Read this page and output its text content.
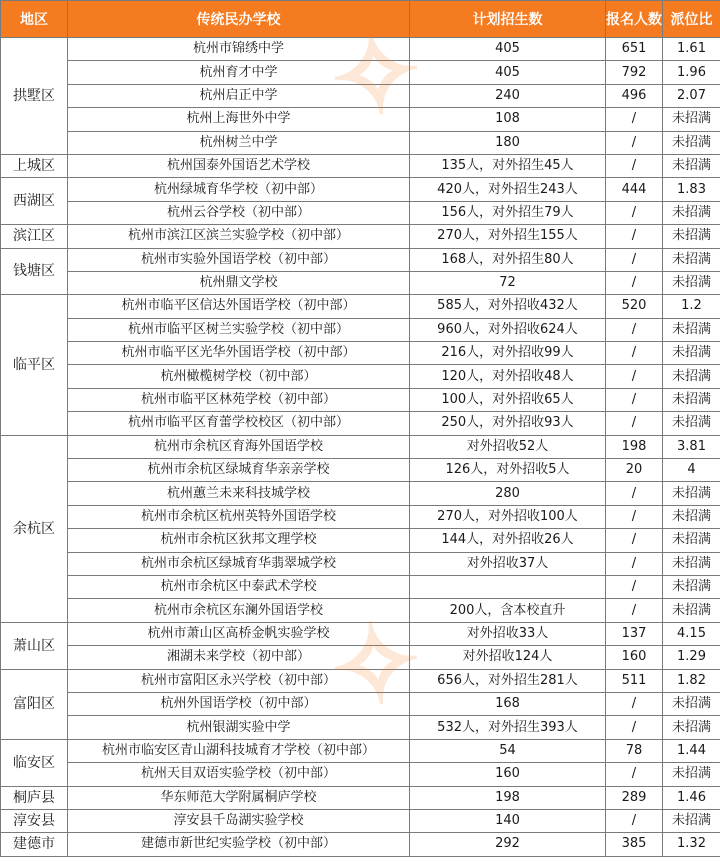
地区	传统民办学校	计划招生数	报名人数	派位比
拱墅区	杭州市锦绣中学	405	651	1.61
	杭州育才中学	405	792	1.96
	杭州启正中学	240	496	2.07
	杭州上海世外中学	108	/	未招满
	杭州树兰中学	180	/	未招满
上城区	杭州国泰外国语艺术学校	135人，对外招生45人	/	未招满
西湖区	杭州绿城育华学校（初中部）	420人，对外招生243人	444	1.83
	杭州云谷学校（初中部）	156人，对外招生79人	/	未招满
滨江区	杭州市滨江区滨兰实验学校（初中部）	270人，对外招生155人	/	未招满
钱塘区	杭州市实验外国语学校（初中部）	168人，对外招生80人	/	未招满
	杭州鼎文学校	72	/	未招满
临平区	杭州市临平区信达外国语学校（初中部）	585人，对外招收432人	520	1.2
	杭州市临平区树兰实验学校（初中部）	960人，对外招收624人	/	未招满
	杭州市临平区光华外国语学校（初中部）	216人，对外招收99人	/	未招满
	杭州橄榄树学校（初中部）	120人，对外招收48人	/	未招满
	杭州市临平区林苑学校（初中部）	100人，对外招收65人	/	未招满
	杭州市临平区育蕾学校校区（初中部）	250人，对外招收93人	/	未招满
余杭区	杭州市余杭区育海外国语学校	对外招收52人	198	3.81
	杭州市余杭区绿城育华亲亲学校	126人，对外招收5人	20	4
	杭州蕙兰未来科技城学校	280	/	未招满
	杭州市余杭区杭州英特外国语学校	270人，对外招收100人	/	未招满
	杭州市余杭区狄邦文理学校	144人，对外招收26人	/	未招满
	杭州市余杭区绿城育华翡翠城学校	对外招收37人	/	未招满
	杭州市余杭区中泰武术学校		/	未招满
	杭州市余杭区东澜外国语学校	200人，含本校直升	/	未招满
萧山区	杭州市萧山区高桥金帆实验学校	对外招收33人	137	4.15
	湘湖未来学校（初中部）	对外招收124人	160	1.29
富阳区	杭州市富阳区永兴学校（初中部）	656人，对外招生281人	511	1.82
	杭州外国语学校（初中部）	168	/	未招满
	杭州银湖实验中学	532人，对外招生393人	/	未招满
临安区	杭州市临安区青山湖科技城育才学校（初中部）	54	78	1.44
	杭州天目双语实验学校（初中部）	160	/	未招满
桐庐县	华东师范大学附属桐庐学校	198	289	1.46
淳安县	淳安县千岛湖实验学校	140	/	未招满
建德市	建德市新世纪实验学校（初中部）	292	385	1.32
✧
✧
